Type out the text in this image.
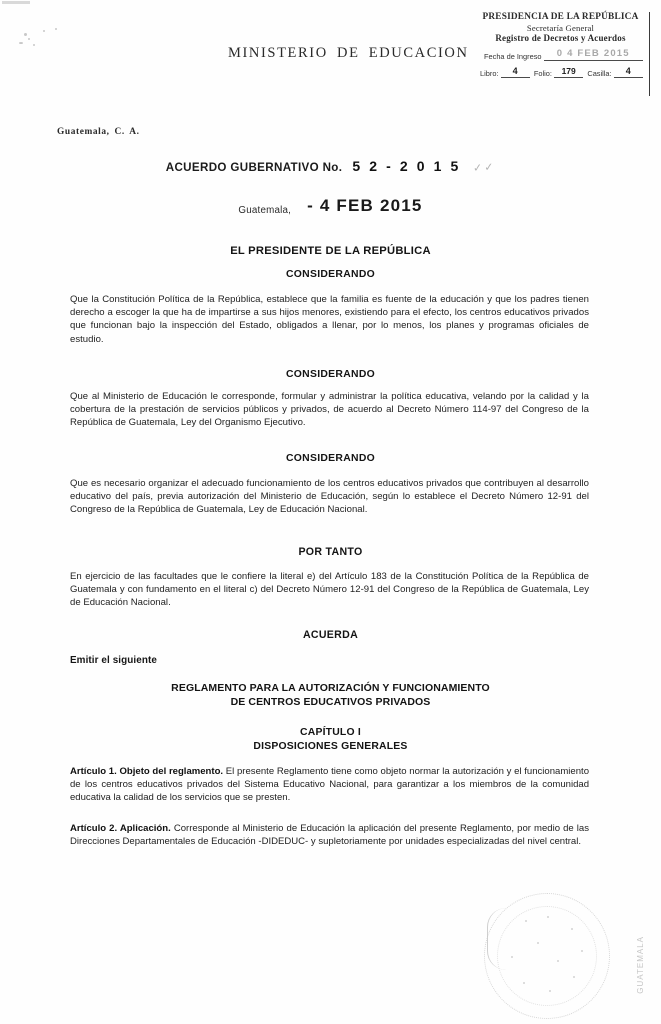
PRESIDENCIA DE LA REPÚBLICA
Secretaría General
Registro de Decretos y Acuerdos
Fecha de Ingreso 0 4 FEB 2015
Libro: 4 Folio: 179 Casilla: 4
MINISTERIO DE EDUCACION
Guatemala, C. A.
ACUERDO GUBERNATIVO No. 5 2 - 2 0 1 5 ✓✓
Guatemala, - 4 FEB 2015
EL PRESIDENTE DE LA REPÚBLICA
CONSIDERANDO
Que la Constitución Política de la República, establece que la familia es fuente de la educación y que los padres tienen derecho a escoger la que ha de impartirse a sus hijos menores, existiendo para el efecto, los centros educativos privados que funcionan bajo la inspección del Estado, obligados a llenar, por lo menos, los planes y programas oficiales de estudio.
CONSIDERANDO
Que al Ministerio de Educación le corresponde, formular y administrar la política educativa, velando por la calidad y la cobertura de la prestación de servicios públicos y privados, de acuerdo al Decreto Número 114-97 del Congreso de la República de Guatemala, Ley del Organismo Ejecutivo.
CONSIDERANDO
Que es necesario organizar el adecuado funcionamiento de los centros educativos privados que contribuyen al desarrollo educativo del país, previa autorización del Ministerio de Educación, según lo establece el Decreto Número 12-91 del Congreso de la República de Guatemala, Ley de Educación Nacional.
POR TANTO
En ejercicio de las facultades que le confiere la literal e) del Artículo 183 de la Constitución Política de la República de Guatemala y con fundamento en el literal c) del Decreto Número 12-91 del Congreso de la República de Guatemala, Ley de Educación Nacional.
ACUERDA
Emitir el siguiente
REGLAMENTO PARA LA AUTORIZACIÓN Y FUNCIONAMIENTO
DE CENTROS EDUCATIVOS PRIVADOS
CAPÍTULO I
DISPOSICIONES GENERALES
Artículo 1. Objeto del reglamento. El presente Reglamento tiene como objeto normar la autorización y el funcionamiento de los centros educativos privados del Sistema Educativo Nacional, para garantizar a los miembros de la comunidad educativa la calidad de los servicios que se presten.
Artículo 2. Aplicación. Corresponde al Ministerio de Educación la aplicación del presente Reglamento, por medio de las Direcciones Departamentales de Educación -DIDEDUC- y supletoriamente por unidades especializadas del nivel central.
GUATEMALA
